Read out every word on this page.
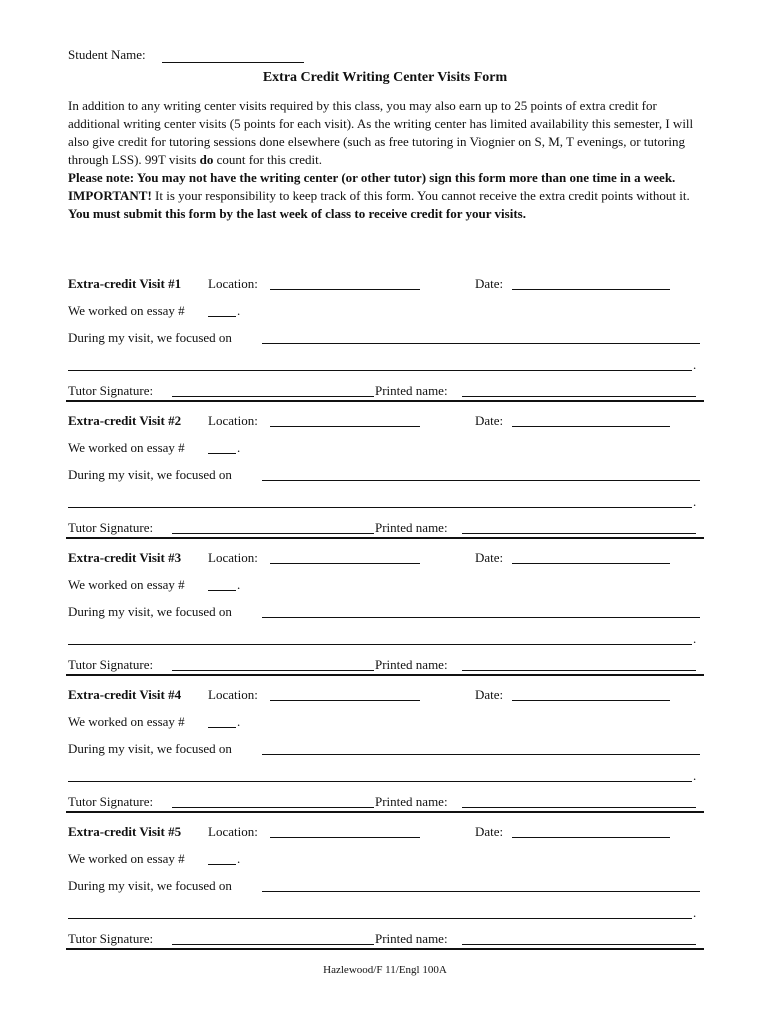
Student Name:
Extra Credit Writing Center Visits Form

In addition to any writing center visits required by this class, you may also earn up to 25 points of extra credit for additional writing center visits (5 points for each visit). As the writing center has limited availability this semester, I will also give credit for tutoring sessions done elsewhere (such as free tutoring in Viognier on S, M, T evenings, or tutoring through LSS). 99T visits do count for this credit.

Please note: You may not have the writing center (or other tutor) sign this form more than one time in a week.

IMPORTANT! It is your responsibility to keep track of this form. You cannot receive the extra credit points without it. You must submit this form by the last week of class to receive credit for your visits.

Extra-credit Visit #1 Location:	Date:
We worked on essay #	.
During my visit, we focused on
.
Tutor Signature:	Printed name:
Extra-credit Visit #2 Location:	Date:
We worked on essay #	.
During my visit, we focused on
.
Tutor Signature:	Printed name:
Extra-credit Visit #3 Location:	Date:
We worked on essay #	.
During my visit, we focused on
.
Tutor Signature:	Printed name:
Extra-credit Visit #4 Location:	Date:
We worked on essay #	.
During my visit, we focused on
.
Tutor Signature:	Printed name:
Extra-credit Visit #5 Location:	Date:
We worked on essay #	.
During my visit, we focused on
.
Tutor Signature:	Printed name:
Hazlewood/F 11/Engl 100A
